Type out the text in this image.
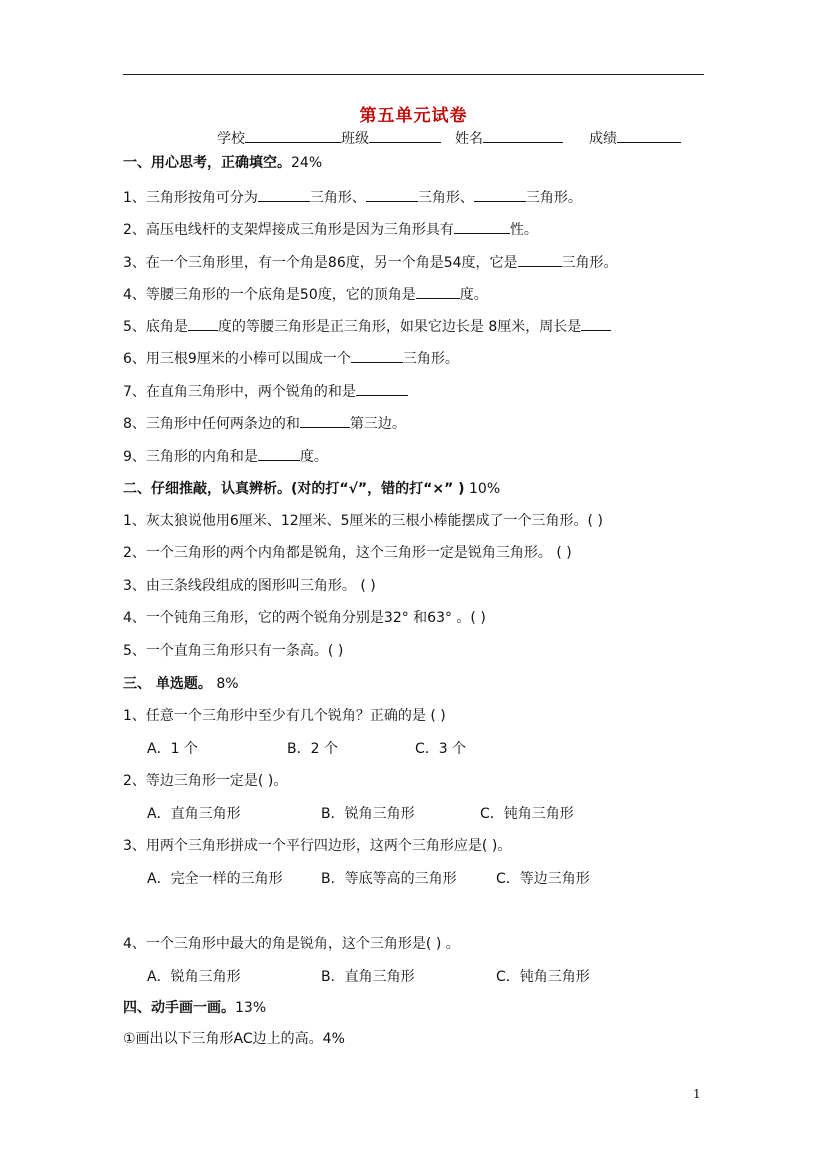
第五单元试卷
学校	班级	姓名	成绩
一、用心思考，正确填空。24%
1、三角形按角可分为	三角形、	三角形、	三角形。
2、高压电线杆的支架焊接成三角形是因为三角形具有	性。
3、在一个三角形里，有一个角是86度，另一个角是54度，它是	三角形。
4、等腰三角形的一个底角是50度，它的顶角是	度。
5、底角是 度的等腰三角形是正三角形，如果它边长是 8厘米，周长是
6、用三根9厘米的小棒可以围成一个	三角形。
7、在直角三角形中，两个锐角的和是
8、三角形中任何两条边的和	第三边。
9、三角形的内角和是	度。
二、仔细推敲，认真辨析。(对的打“√”，错的打“×” ) 10%
1、灰太狼说他用6厘米、12厘米、5厘米的三根小棒能摆成了一个三角形。( )
2、一个三角形的两个内角都是锐角，这个三角形一定是锐角三角形。 ( )
3、由三条线段组成的图形叫三角形。 ( )
4、一个钝角三角形，它的两个锐角分别是32° 和63° 。( )
5、一个直角三角形只有一条高。( )
三、 单选题。 8%
1、任意一个三角形中至少有几个锐角？正确的是 ( )
A．1 个	B．2 个	C．3 个
2、等边三角形一定是( )。
A．直角三角形	B．锐角三角形	C．钝角三角形
3、用两个三角形拼成一个平行四边形，这两个三角形应是( )。
A．完全一样的三角形	B．等底等高的三角形	C．等边三角形
4、一个三角形中最大的角是锐角，这个三角形是( ) 。
A．锐角三角形	B．直角三角形	C．钝角三角形
四、动手画一画。13%
①画出以下三角形AC边上的高。4%
1
